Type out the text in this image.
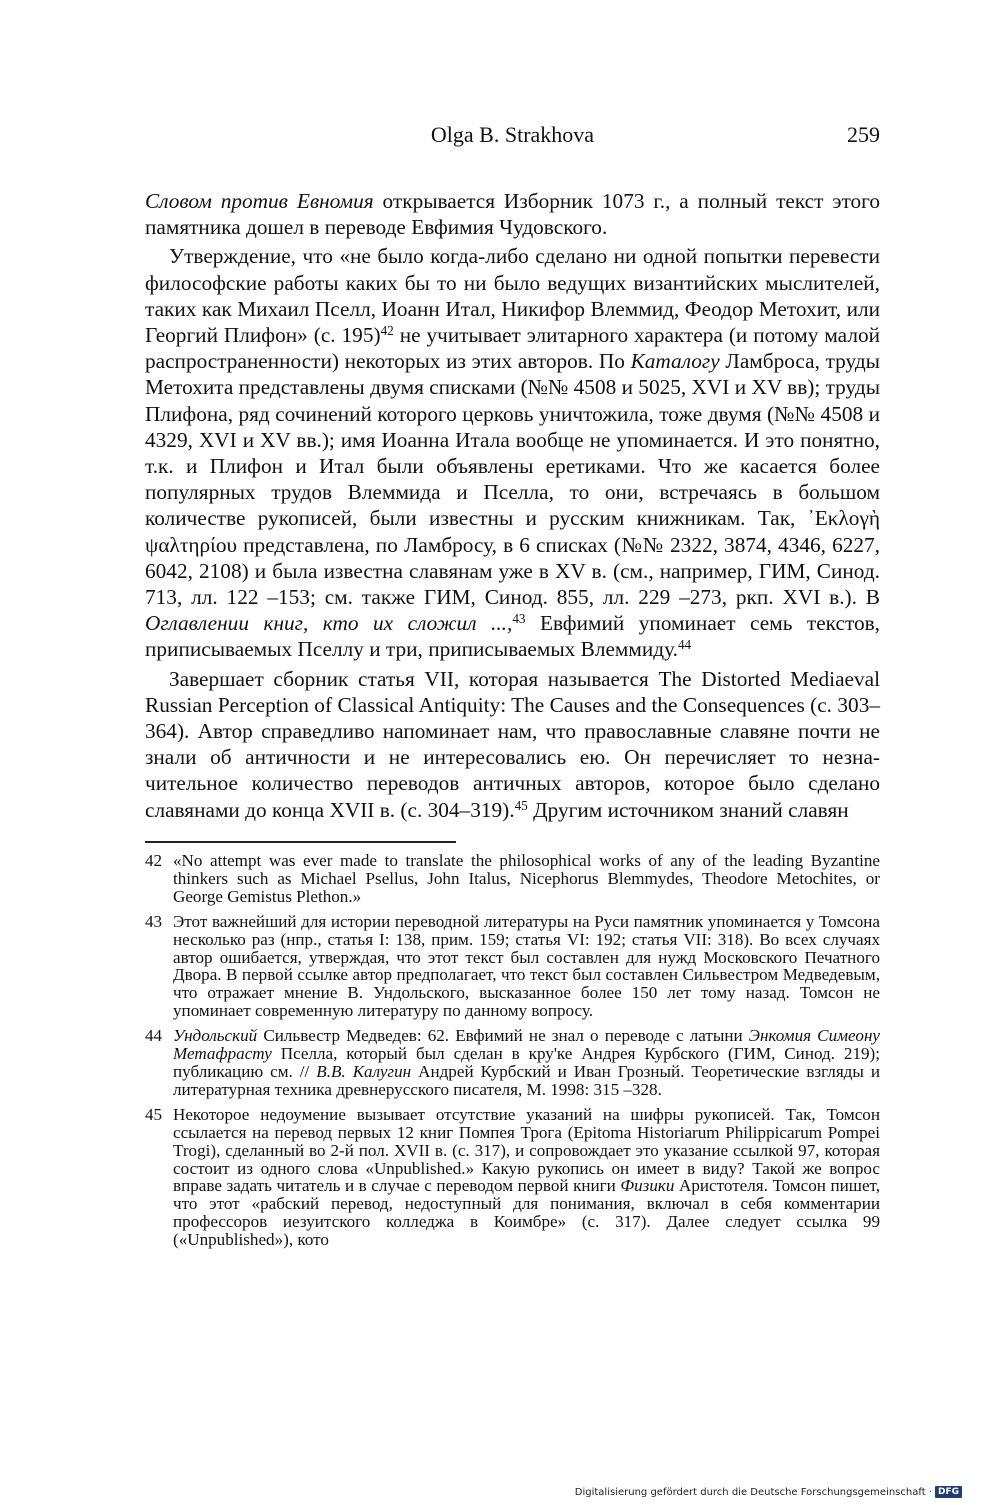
Olga B. Strakhova	259

Словом против Евномия открывается Изборник 1073 г., а полный текст этого памятника дошел в переводе Евфимия Чудовского.

Утверждение, что «не было когда-либо сделано ни одной попытки перевести философские работы каких бы то ни было ведущих византийских мыслителей, таких как Михаил Пселл, Иоанн Итал, Никифор Влеммид, Феодор Метохит, или Георгий Плифон» (с. 195)$^{42}$ не учитывает элитарного характера (и потому малой распространенности) некоторых из этих авторов. По Каталогу Ламброса, труды Метохита представлены двумя списками (№№ 4508 и 5025, XVI и XV вв); труды Плифона, ряд сочинений которого церковь уничтожила, тоже двумя (№№ 4508 и 4329, XVI и XV вв.); имя Иоанна Итала вообще не упоминается. И это понятно, т.к. и Плифон и Итал были объявлены еретиками. Что же касается более популярных трудов Влеммида и Пселла, то они, встречаясь в большом количестве рукописей, были известны и русским книжникам. Так, ᾽Εκλογὴ ψαλτηρίου представлена, по Ламбросу, в 6 списках (№№ 2322, 3874, 4346, 6227, 6042, 2108) и была известна славянам уже в XV в. (см., например, ГИМ, Синод. 713, лл. 122 –153; см. также ГИМ, Синод. 855, лл. 229 –273, ркп. XVI в.). В Оглавлении книг, кто их сложил ...,$^{43}$ Евфимий упоминает семь текстов, приписываемых Пселлу и три, приписываемых Влеммиду.$^{44}$

Завершает сборник статья VII, которая называется The Distorted Mediaeval Russian Perception of Classical Antiquity: The Causes and the Consequences (с. 303–364). Автор справедливо напоминает нам, что православные славяне почти не знали об античности и не интересовались ею. Он перечисляет то незначительное количество переводов античных авторов, которое было сделано славянами до конца XVII в. (с. 304–319).$^{45}$ Другим источником знаний славян

42 «No attempt was ever made to translate the philosophical works of any of the leading Byzantine thinkers such as Michael Psellus, John Italus, Nicephorus Blemmydes, Theodore Metochites, or George Gemistus Plethon.»
43 Этот важнейший для истории переводной литературы на Руси памятник упоминается у Томсона несколько раз (нпр., статья I: 138, прим. 159; статья VI: 192; статья VII: 318). Во всех случаях автор ошибается, утверждая, что этот текст был составлен для нужд Московского Печатного Двора. В первой ссылке автор предполагает, что текст был составлен Сильвестром Медведевым, что отражает мнение В. Ундольского, высказанное более 150 лет тому назад. Томсон не упоминает современную литературу по данному вопросу.
44 Ундольский Сильвестр Медведев: 62. Евфимий не знал о переводе с латыни Энкомия Симеону Метафрасту Пселла, который был сделан в кру'ке Андрея Курбского (ГИМ, Синод. 219); публикацию см. // В.В. Калугин Андрей Курбский и Иван Грозный. Теоретические взгляды и литературная техника древнерусского писателя, М. 1998: 315 –328.
45 Некоторое недоумение вызывает отсутствие указаний на шифры рукописей. Так, Томсон ссылается на перевод первых 12 книг Помпея Трога (Epitoma Historiarum Philippicarum Pompei Trogi), сделанный во 2-й пол. XVII в. (с. 317), и сопровождает это указание ссылкой 97, которая состоит из одного слова «Unpublished.» Какую рукопись он имеет в виду? Такой же вопрос вправе задать читатель и в случае с переводом первой книги Физики Аристотеля. Томсон пишет, что этот «рабский перевод, недоступный для понимания, включал в себя комментарии профессоров иезуитского колледжа в Коимбре» (с. 317). Далее следует ссылка 99 («Unpublished»), кото
Digitalisierung gefördert durch die Deutsche Forschungsgemeinschaft · DFG
